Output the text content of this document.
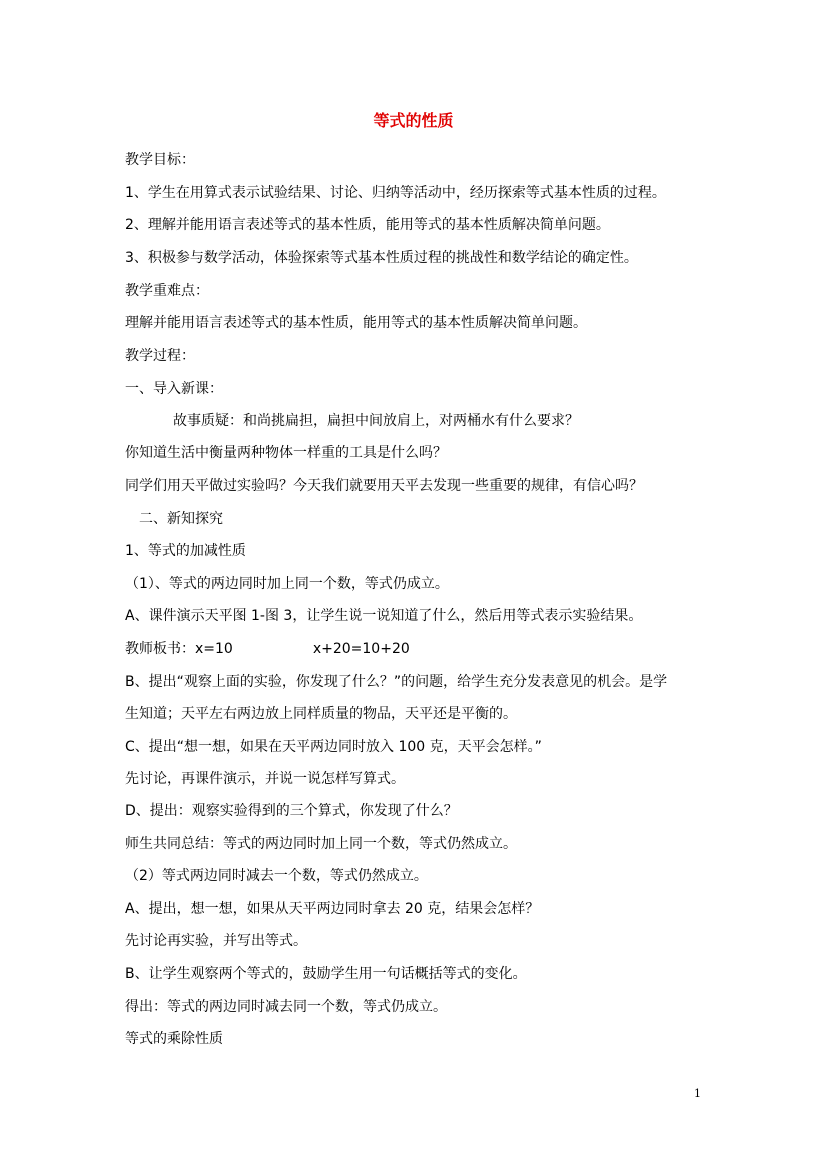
等式的性质
教学目标：
1、学生在用算式表示试验结果、讨论、归纳等活动中，经历探索等式基本性质的过程。
2、理解并能用语言表述等式的基本性质，能用等式的基本性质解决简单问题。
3、积极参与数学活动，体验探索等式基本性质过程的挑战性和数学结论的确定性。
教学重难点：
理解并能用语言表述等式的基本性质，能用等式的基本性质解决简单问题。
教学过程：
一、导入新课：
故事质疑：和尚挑扁担，扁担中间放肩上，对两桶水有什么要求？
你知道生活中衡量两种物体一样重的工具是什么吗？
同学们用天平做过实验吗？今天我们就要用天平去发现一些重要的规律，有信心吗？
二、新知探究
1、等式的加减性质
（1）、等式的两边同时加上同一个数，等式仍成立。
A、课件演示天平图 1-图 3，让学生说一说知道了什么，然后用等式表示实验结果。
教师板书：x=10	x+20=10+20
B、提出“观察上面的实验，你发现了什么？”的问题，给学生充分发表意见的机会。是学
生知道；天平左右两边放上同样质量的物品，天平还是平衡的。
C、提出“想一想，如果在天平两边同时放入 100 克，天平会怎样。”
先讨论，再课件演示，并说一说怎样写算式。
D、提出：观察实验得到的三个算式，你发现了什么？
师生共同总结：等式的两边同时加上同一个数，等式仍然成立。
（2）等式两边同时减去一个数，等式仍然成立。
A、提出，想一想，如果从天平两边同时拿去 20 克，结果会怎样？
先讨论再实验，并写出等式。
B、让学生观察两个等式的，鼓励学生用一句话概括等式的变化。
得出：等式的两边同时减去同一个数，等式仍成立。
等式的乘除性质
1
